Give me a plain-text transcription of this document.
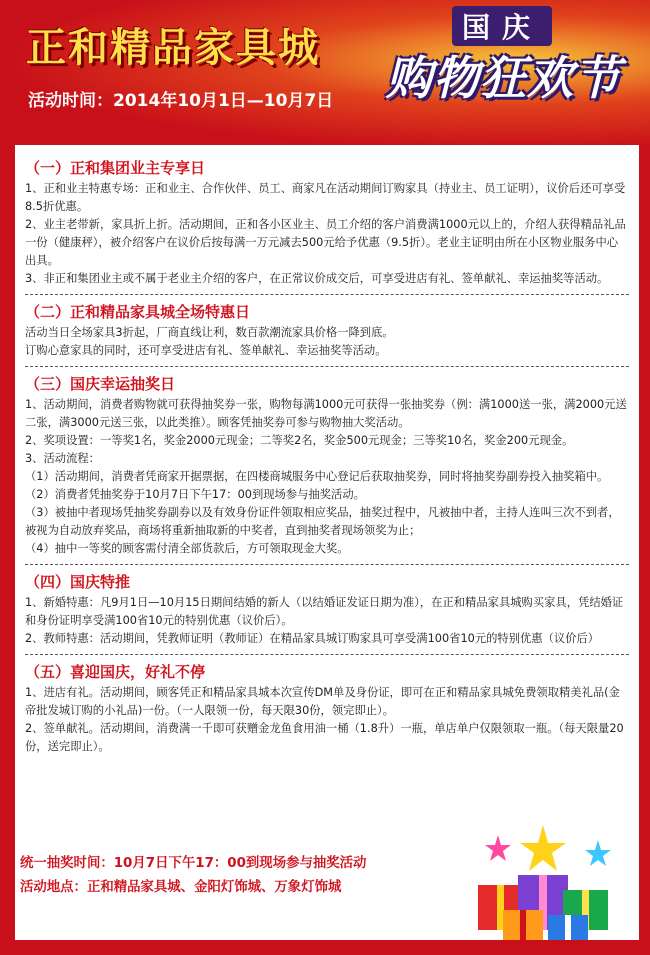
正和精品家具城
活动时间：2014年10月1日—10月7日
国庆
购物狂欢节
（一）正和集团业主专享日

1、正和业主特惠专场：正和业主、合作伙伴、员工、商家凡在活动期间订购家具（持业主、员工证明），议价后还可享受8.5折优惠。

2、业主老带新，家具折上折。活动期间，正和各小区业主、员工介绍的客户消费满1000元以上的，介绍人获得精品礼品一份（健康秤），被介绍客户在议价后按每满一万元减去500元给予优惠（9.5折）。老业主证明由所在小区物业服务中心出具。

3、非正和集团业主或不属于老业主介绍的客户，在正常议价成交后，可享受进店有礼、签单献礼、幸运抽奖等活动。

（二）正和精品家具城全场特惠日

活动当日全场家具3折起，厂商直线让利，数百款潮流家具价格一降到底。

订购心意家具的同时，还可享受进店有礼、签单献礼、幸运抽奖等活动。

（三）国庆幸运抽奖日

1、活动期间，消费者购物就可获得抽奖券一张，购物每满1000元可获得一张抽奖券（例：满1000送一张，满2000元送二张，满3000元送三张，以此类推）。顾客凭抽奖券可参与购物抽大奖活动。

2、奖项设置：一等奖1名，奖金2000元现金；二等奖2名，奖金500元现金；三等奖10名，奖金200元现金。

3、活动流程：

（1）活动期间，消费者凭商家开据票据，在四楼商城服务中心登记后获取抽奖券，同时将抽奖券副券投入抽奖箱中。

（2）消费者凭抽奖券于10月7日下午17：00到现场参与抽奖活动。

（3）被抽中者现场凭抽奖券副券以及有效身份证件领取相应奖品，抽奖过程中，凡被抽中者，主持人连叫三次不到者，被视为自动放弃奖品，商场将重新抽取新的中奖者，直到抽奖者现场领奖为止；

（4）抽中一等奖的顾客需付清全部货款后，方可领取现金大奖。

（四）国庆特推

1、新婚特惠：凡9月1日—10月15日期间结婚的新人（以结婚证发证日期为准），在正和精品家具城购买家具，凭结婚证和身份证明享受满100省10元的特别优惠（议价后）。

2、教师特惠：活动期间，凭教师证明（教师证）在精品家具城订购家具可享受满100省10元的特别优惠（议价后）

（五）喜迎国庆，好礼不停

1、进店有礼。活动期间，顾客凭正和精品家具城本次宣传DM单及身份证，即可在正和精品家具城免费领取精美礼品(金帝批发城订购的小礼品)一份。（一人限领一份，每天限30份，领完即止）。

2、签单献礼。活动期间，消费满一千即可获赠金龙鱼食用油一桶（1.8升）一瓶，单店单户仅限领取一瓶。（每天限量20份，送完即止）。

统一抽奖时间：10月7日下午17：00到现场参与抽奖活动
活动地点：正和精品家具城、金阳灯饰城、万象灯饰城
